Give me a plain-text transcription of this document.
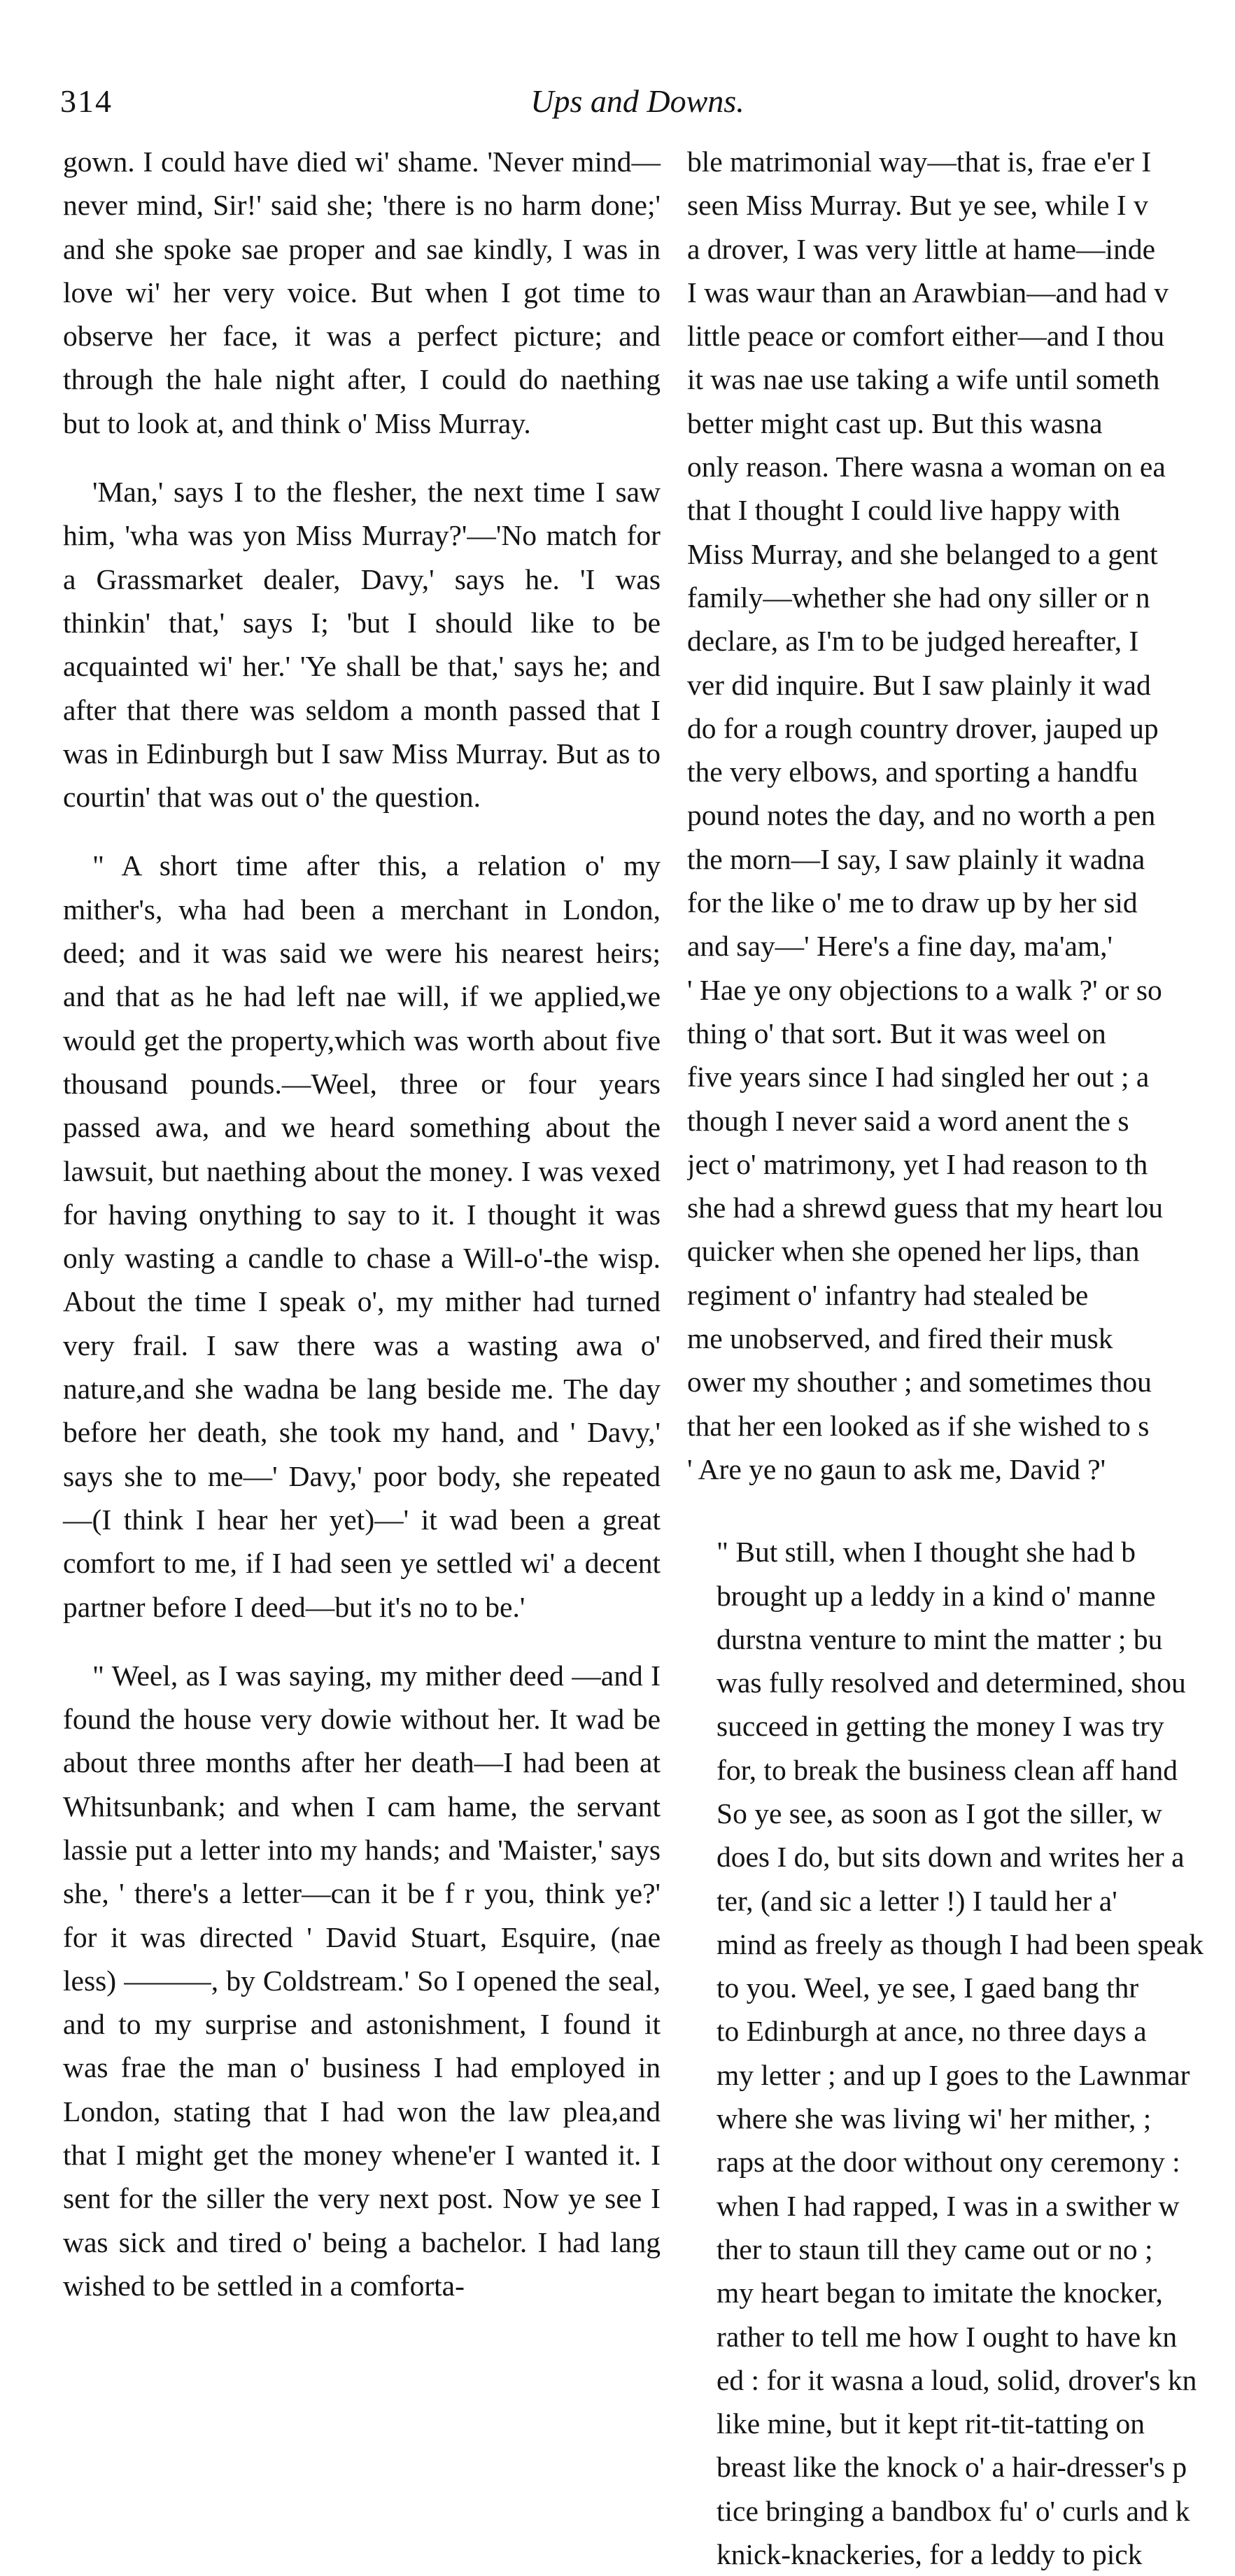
314	Ups and Downs.

gown. I could have died wi' shame. 'Never mind—never mind, Sir!' said she; 'there is no harm done;' and she spoke sae proper and sae kindly, I was in love wi' her very voice. But when I got time to observe her face, it was a perfect picture; and through the hale night after, I could do naething but to look at, and think o' Miss Murray.

'Man,' says I to the flesher, the next time I saw him, 'wha was yon Miss Murray?'—'No match for a Grassmarket dealer, Davy,' says he. 'I was thinkin' that,' says I; 'but I should like to be acquainted wi' her.' 'Ye shall be that,' says he; and after that there was seldom a month passed that I was in Edinburgh but I saw Miss Murray. But as to courtin' that was out o' the question.

" A short time after this, a relation o' my mither's, wha had been a merchant in London, deed; and it was said we were his nearest heirs; and that as he had left nae will, if we applied,we would get the property,which was worth about five thousand pounds.—Weel, three or four years passed awa, and we heard something about the lawsuit, but naething about the money. I was vexed for having onything to say to it. I thought it was only wasting a candle to chase a Will-o'-the wisp. About the time I speak o', my mither had turned very frail. I saw there was a wasting awa o' nature,and she wadna be lang beside me. The day before her death, she took my hand, and ' Davy,' says she to me—' Davy,' poor body, she repeated —(I think I hear her yet)—' it wad been a great comfort to me, if I had seen ye settled wi' a decent partner before I deed—but it's no to be.'

" Weel, as I was saying, my mither deed —and I found the house very dowie without her. It wad be about three months after her death—I had been at Whitsunbank; and when I cam hame, the servant lassie put a letter into my hands; and 'Maister,' says she, ' there's a letter—can it be f r you, think ye?' for it was directed ' David Stuart, Esquire, (nae less) ———, by Coldstream.' So I opened the seal, and to my surprise and astonishment, I found it was frae the man o' business I had employed in London, stating that I had won the law plea,and that I might get the money whene'er I wanted it. I sent for the siller the very next post. Now ye see I was sick and tired o' being a bachelor. I had lang wished to be settled in a comforta-

ble matrimonial way—that is, frae e'er I
seen Miss Murray. But ye see, while I v
a drover, I was very little at hame—inde
I was waur than an Arawbian—and had v
little peace or comfort either—and I thou
it was nae use taking a wife until someth
better might cast up. But this wasna
only reason. There wasna a woman on ea
that I thought I could live happy with
Miss Murray, and she belanged to a gent
family—whether she had ony siller or n
declare, as I'm to be judged hereafter, I
ver did inquire. But I saw plainly it wad
do for a rough country drover, jauped up
the very elbows, and sporting a handfu
pound notes the day, and no worth a pen
the morn—I say, I saw plainly it wadna
for the like o' me to draw up by her sid
and say—' Here's a fine day, ma'am,'
' Hae ye ony objections to a walk ?' or so
thing o' that sort. But it was weel on
five years since I had singled her out ; a
though I never said a word anent the s
ject o' matrimony, yet I had reason to th
she had a shrewd guess that my heart lou
quicker when she opened her lips, than
regiment o' infantry had stealed be
me unobserved, and fired their musk
ower my shouther ; and sometimes thou
that her een looked as if she wished to s
' Are ye no gaun to ask me, David ?'

" But still, when I thought she had b
brought up a leddy in a kind o' manne
durstna venture to mint the matter ; bu
was fully resolved and determined, shou
succeed in getting the money I was try
for, to break the business clean aff hand
So ye see, as soon as I got the siller, w
does I do, but sits down and writes her a
ter, (and sic a letter !) I tauld her a'
mind as freely as though I had been speak
to you. Weel, ye see, I gaed bang thr
to Edinburgh at ance, no three days a
my letter ; and up I goes to the Lawnmar
where she was living wi' her mither, ;
raps at the door without ony ceremony :
when I had rapped, I was in a swither w
ther to staun till they came out or no ;
my heart began to imitate the knocker,
rather to tell me how I ought to have kn
ed : for it wasna a loud, solid, drover's kn
like mine, but it kept rit-tit-tatting on
breast like the knock o' a hair-dresser's p
tice bringing a bandbox fu' o' curls and k
knick-knackeries, for a leddy to pick
